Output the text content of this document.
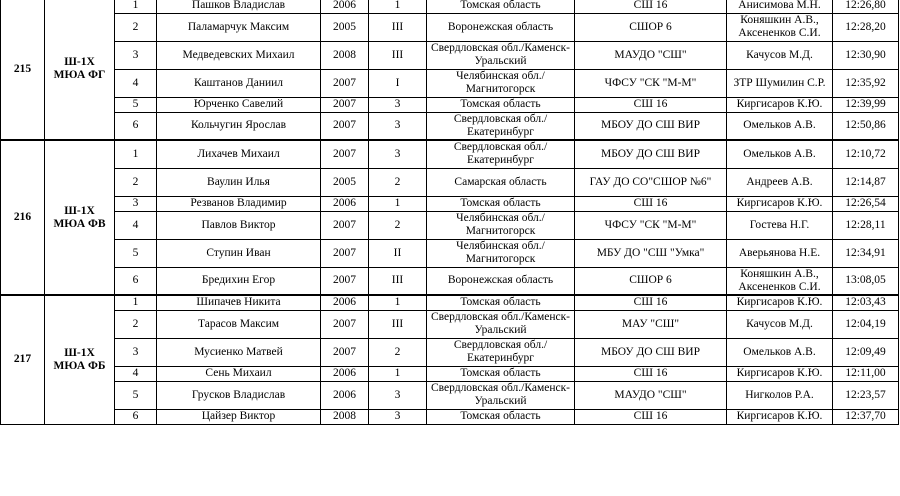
215	Ш-1Х МЮА ФГ	1	Пашков Владислав	2006	1	Томская область	СШ 16	Анисимова М.Н.	12:26,80
		2	Паламарчук Максим	2005	III	Воронежская область	СШОР 6	Коняшкин А.В., Аксененков С.И.	12:28,20
		3	Медведевских Михаил	2008	III	Свердловская обл./Каменск-Уральский	МАУДО "СШ"	Качусов М.Д.	12:30,90
		4	Каштанов Даниил	2007	I	Челябинская обл./Магнитогорск	ЧФСУ "СК "М-М"	ЗТР Шумилин С.Р.	12:35,92
		5	Юрченко Савелий	2007	3	Томская область	СШ 16	Киргисаров К.Ю.	12:39,99
		6	Кольчугин Ярослав	2007	3	Свердловская обл./Екатеринбург	МБОУ ДО СШ ВИР	Омельков А.В.	12:50,86
216	Ш-1Х МЮА ФВ	1	Лихачев Михаил	2007	3	Свердловская обл./Екатеринбург	МБОУ ДО СШ ВИР	Омельков А.В.	12:10,72
		2	Ваулин Илья	2005	2	Самарская область	ГАУ ДО СО"СШОР №6"	Андреев А.В.	12:14,87
		3	Резванов Владимир	2006	1	Томская область	СШ 16	Киргисаров К.Ю.	12:26,54
		4	Павлов Виктор	2007	2	Челябинская обл./Магнитогорск	ЧФСУ "СК "М-М"	Гостева Н.Г.	12:28,11
		5	Ступин Иван	2007	II	Челябинская обл./Магнитогорск	МБУ ДО "СШ "Умка"	Аверьянова Н.Е.	12:34,91
		6	Бредихин Егор	2007	III	Воронежская область	СШОР 6	Коняшкин А.В., Аксененков С.И.	13:08,05
217	Ш-1Х МЮА ФБ	1	Шипачев Никита	2006	1	Томская область	СШ 16	Киргисаров К.Ю.	12:03,43
		2	Тарасов Максим	2007	III	Свердловская обл./Каменск-Уральский	МАУ "СШ"	Качусов М.Д.	12:04,19
		3	Мусиенко Матвей	2007	2	Свердловская обл./Екатеринбург	МБОУ ДО СШ ВИР	Омельков А.В.	12:09,49
		4	Сень Михаил	2006	1	Томская область	СШ 16	Киргисаров К.Ю.	12:11,00
		5	Грусков Владислав	2006	3	Свердловская обл./Каменск-Уральский	МАУДО "СШ"	Нигколов Р.А.	12:23,57
		6	Цайзер Виктор	2008	3	Томская область	СШ 16	Киргисаров К.Ю.	12:37,70
